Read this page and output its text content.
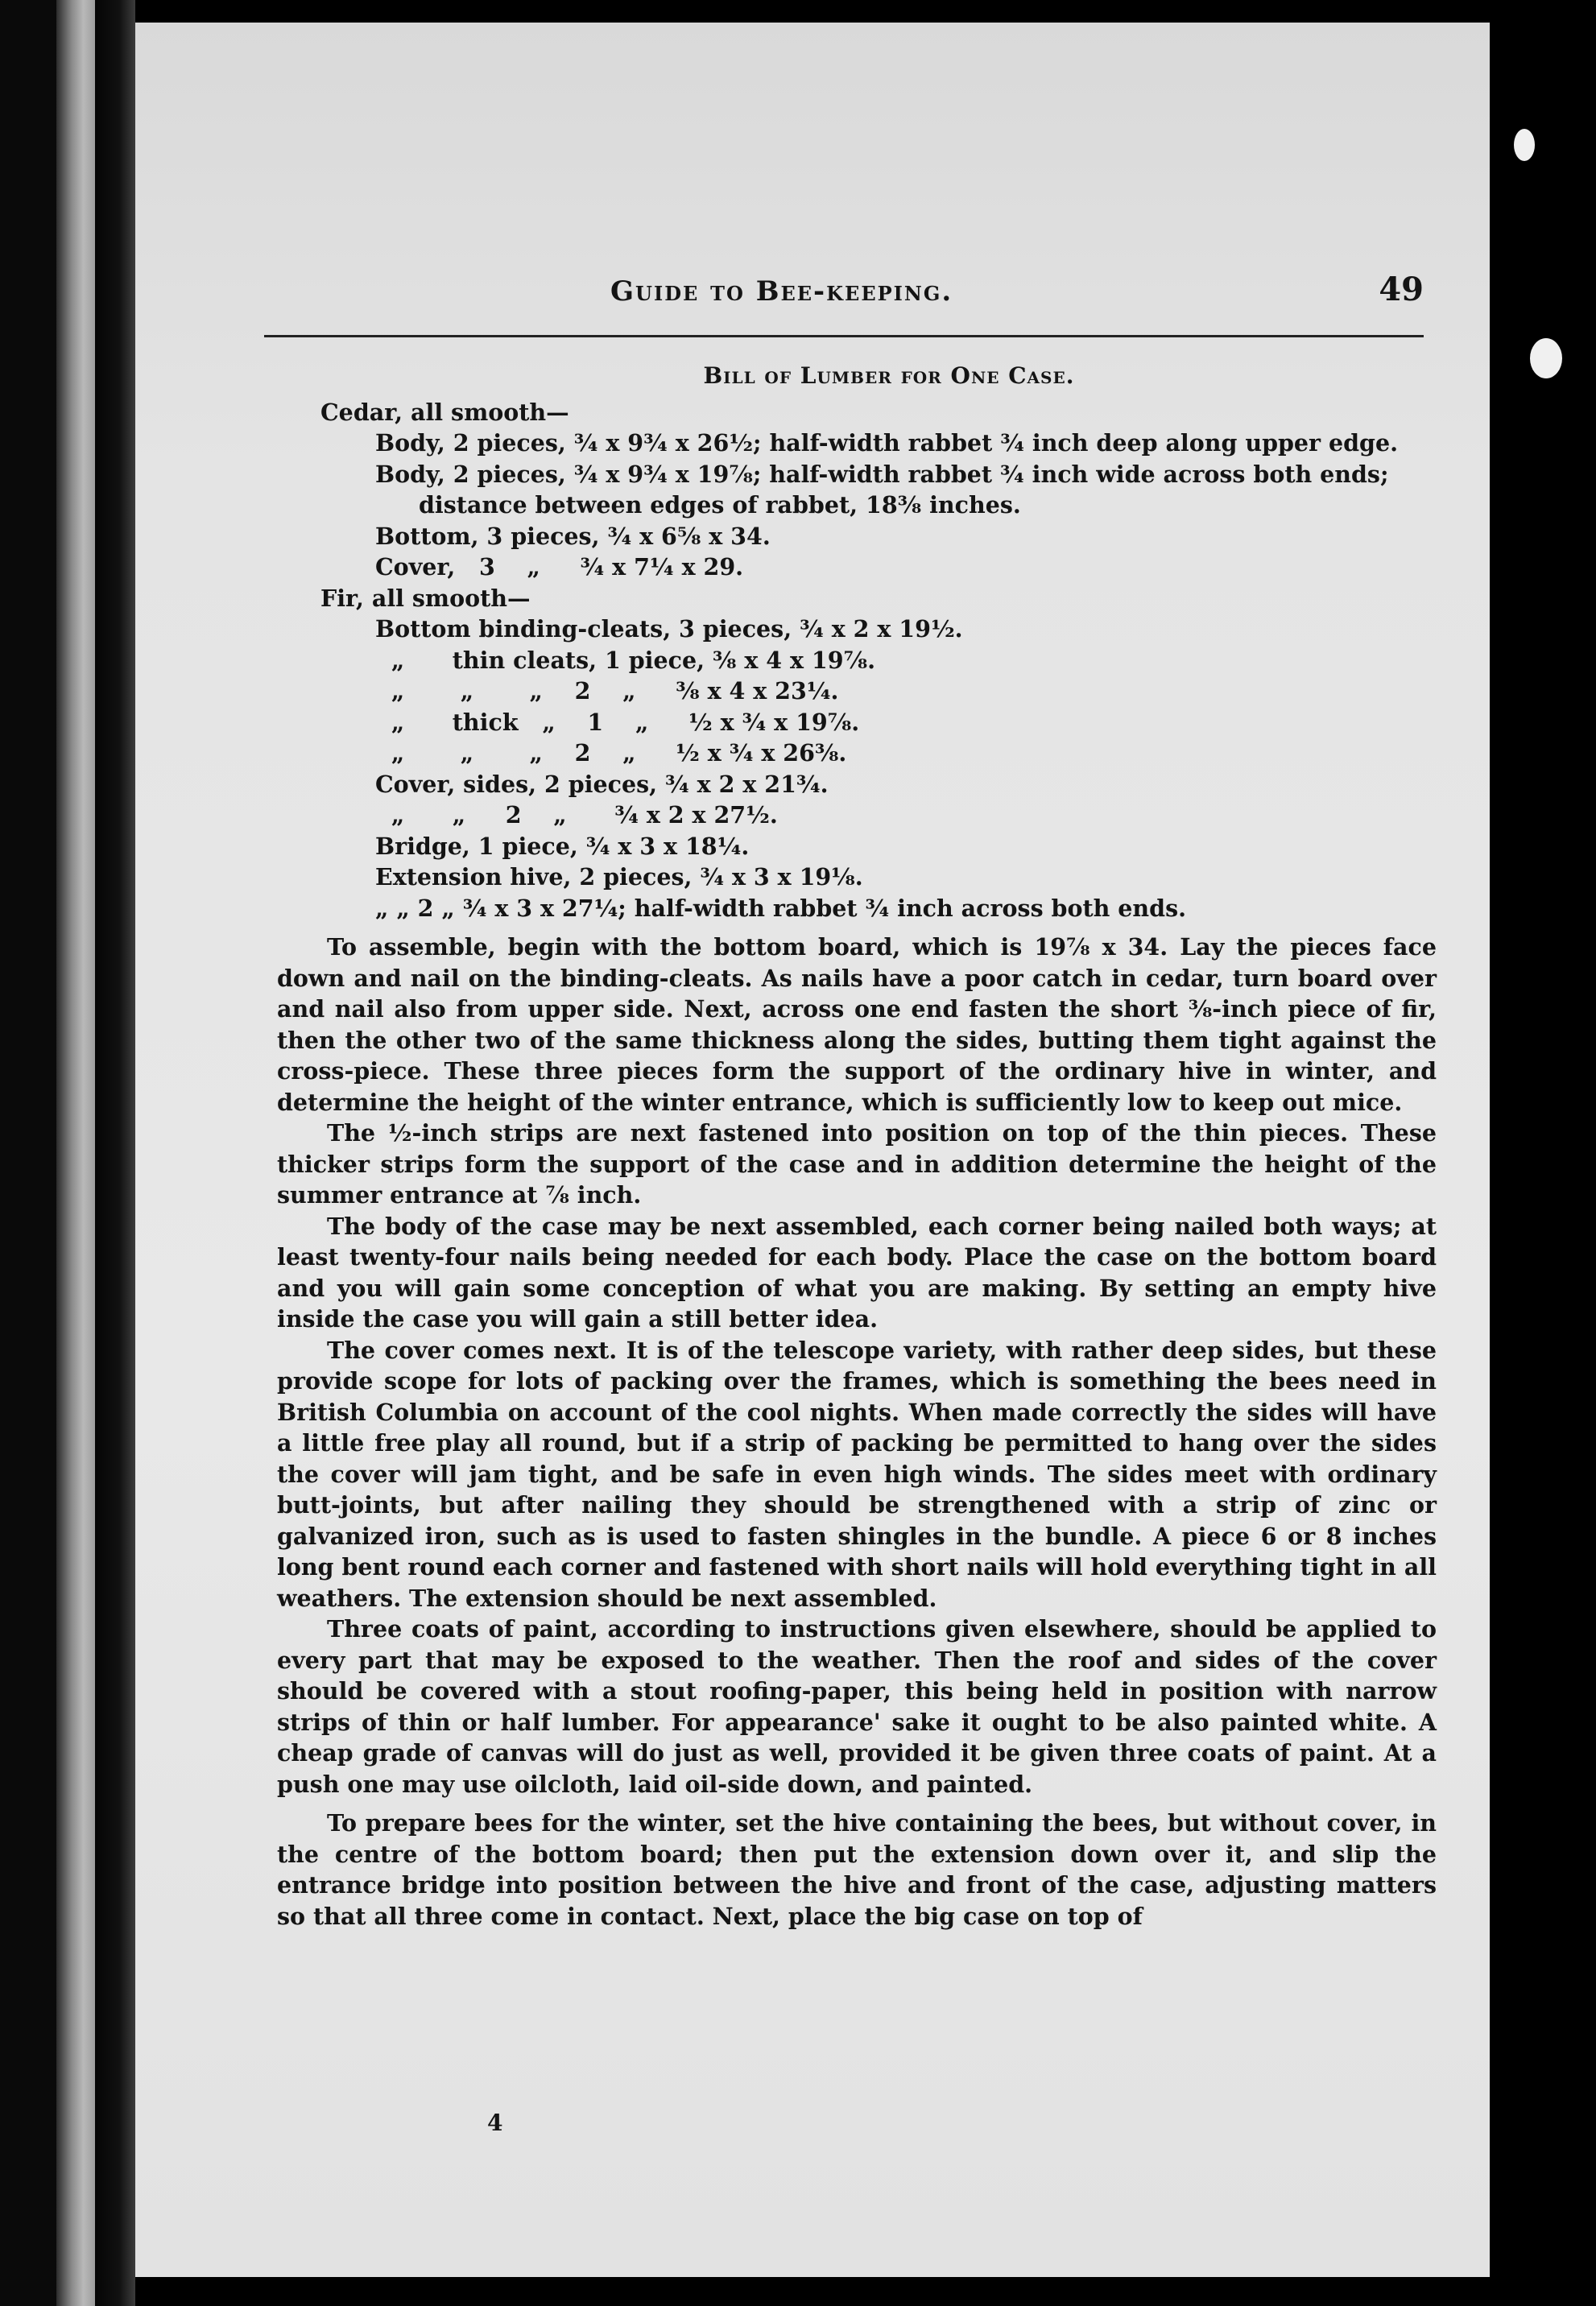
Guide to Bee-keeping.	49

Bill of Lumber for One Case.

Cedar, all smooth—

Body, 2 pieces, ¾ x 9¾ x 26½; half-width rabbet ¾ inch deep along upper edge.

Body, 2 pieces, ¾ x 9¾ x 19⅞; half-width rabbet ¾ inch wide across both ends; distance between edges of rabbet, 18⅜ inches.

Bottom, 3 pieces, ¾ x 6⅝ x 34.

Cover,   3    „     ¾ x 7¼ x 29.

Fir, all smooth—

Bottom binding-cleats, 3 pieces, ¾ x 2 x 19½.

„      thin cleats, 1 piece, ⅜ x 4 x 19⅞.

„       „       „    2    „     ⅜ x 4 x 23¼.

„      thick   „    1    „     ½ x ¾ x 19⅞.

„       „       „    2    „     ½ x ¾ x 26⅜.

Cover, sides, 2 pieces, ¾ x 2 x 21¾.

„      „     2    „      ¾ x 2 x 27½.

Bridge, 1 piece, ¾ x 3 x 18¼.

Extension hive, 2 pieces, ¾ x 3 x 19⅛.

„ „ 2 „ ¾ x 3 x 27¼; half-width rabbet ¾ inch across both ends.

To assemble, begin with the bottom board, which is 19⅞ x 34. Lay the pieces face down and nail on the binding-cleats. As nails have a poor catch in cedar, turn board over and nail also from upper side. Next, across one end fasten the short ⅜-inch piece of fir, then the other two of the same thickness along the sides, butting them tight against the cross-piece. These three pieces form the support of the ordinary hive in winter, and determine the height of the winter entrance, which is sufficiently low to keep out mice.

The ½-inch strips are next fastened into position on top of the thin pieces. These thicker strips form the support of the case and in addition determine the height of the summer entrance at ⅞ inch.

The body of the case may be next assembled, each corner being nailed both ways; at least twenty-four nails being needed for each body. Place the case on the bottom board and you will gain some conception of what you are making. By setting an empty hive inside the case you will gain a still better idea.

The cover comes next. It is of the telescope variety, with rather deep sides, but these provide scope for lots of packing over the frames, which is something the bees need in British Columbia on account of the cool nights. When made correctly the sides will have a little free play all round, but if a strip of packing be permitted to hang over the sides the cover will jam tight, and be safe in even high winds. The sides meet with ordinary butt-joints, but after nailing they should be strengthened with a strip of zinc or galvanized iron, such as is used to fasten shingles in the bundle. A piece 6 or 8 inches long bent round each corner and fastened with short nails will hold everything tight in all weathers. The extension should be next assembled.

Three coats of paint, according to instructions given elsewhere, should be applied to every part that may be exposed to the weather. Then the roof and sides of the cover should be covered with a stout roofing-paper, this being held in position with narrow strips of thin or half lumber. For appearance' sake it ought to be also painted white. A cheap grade of canvas will do just as well, provided it be given three coats of paint. At a push one may use oilcloth, laid oil-side down, and painted.

To prepare bees for the winter, set the hive containing the bees, but without cover, in the centre of the bottom board; then put the extension down over it, and slip the entrance bridge into position between the hive and front of the case, adjusting matters so that all three come in contact. Next, place the big case on top of

4
